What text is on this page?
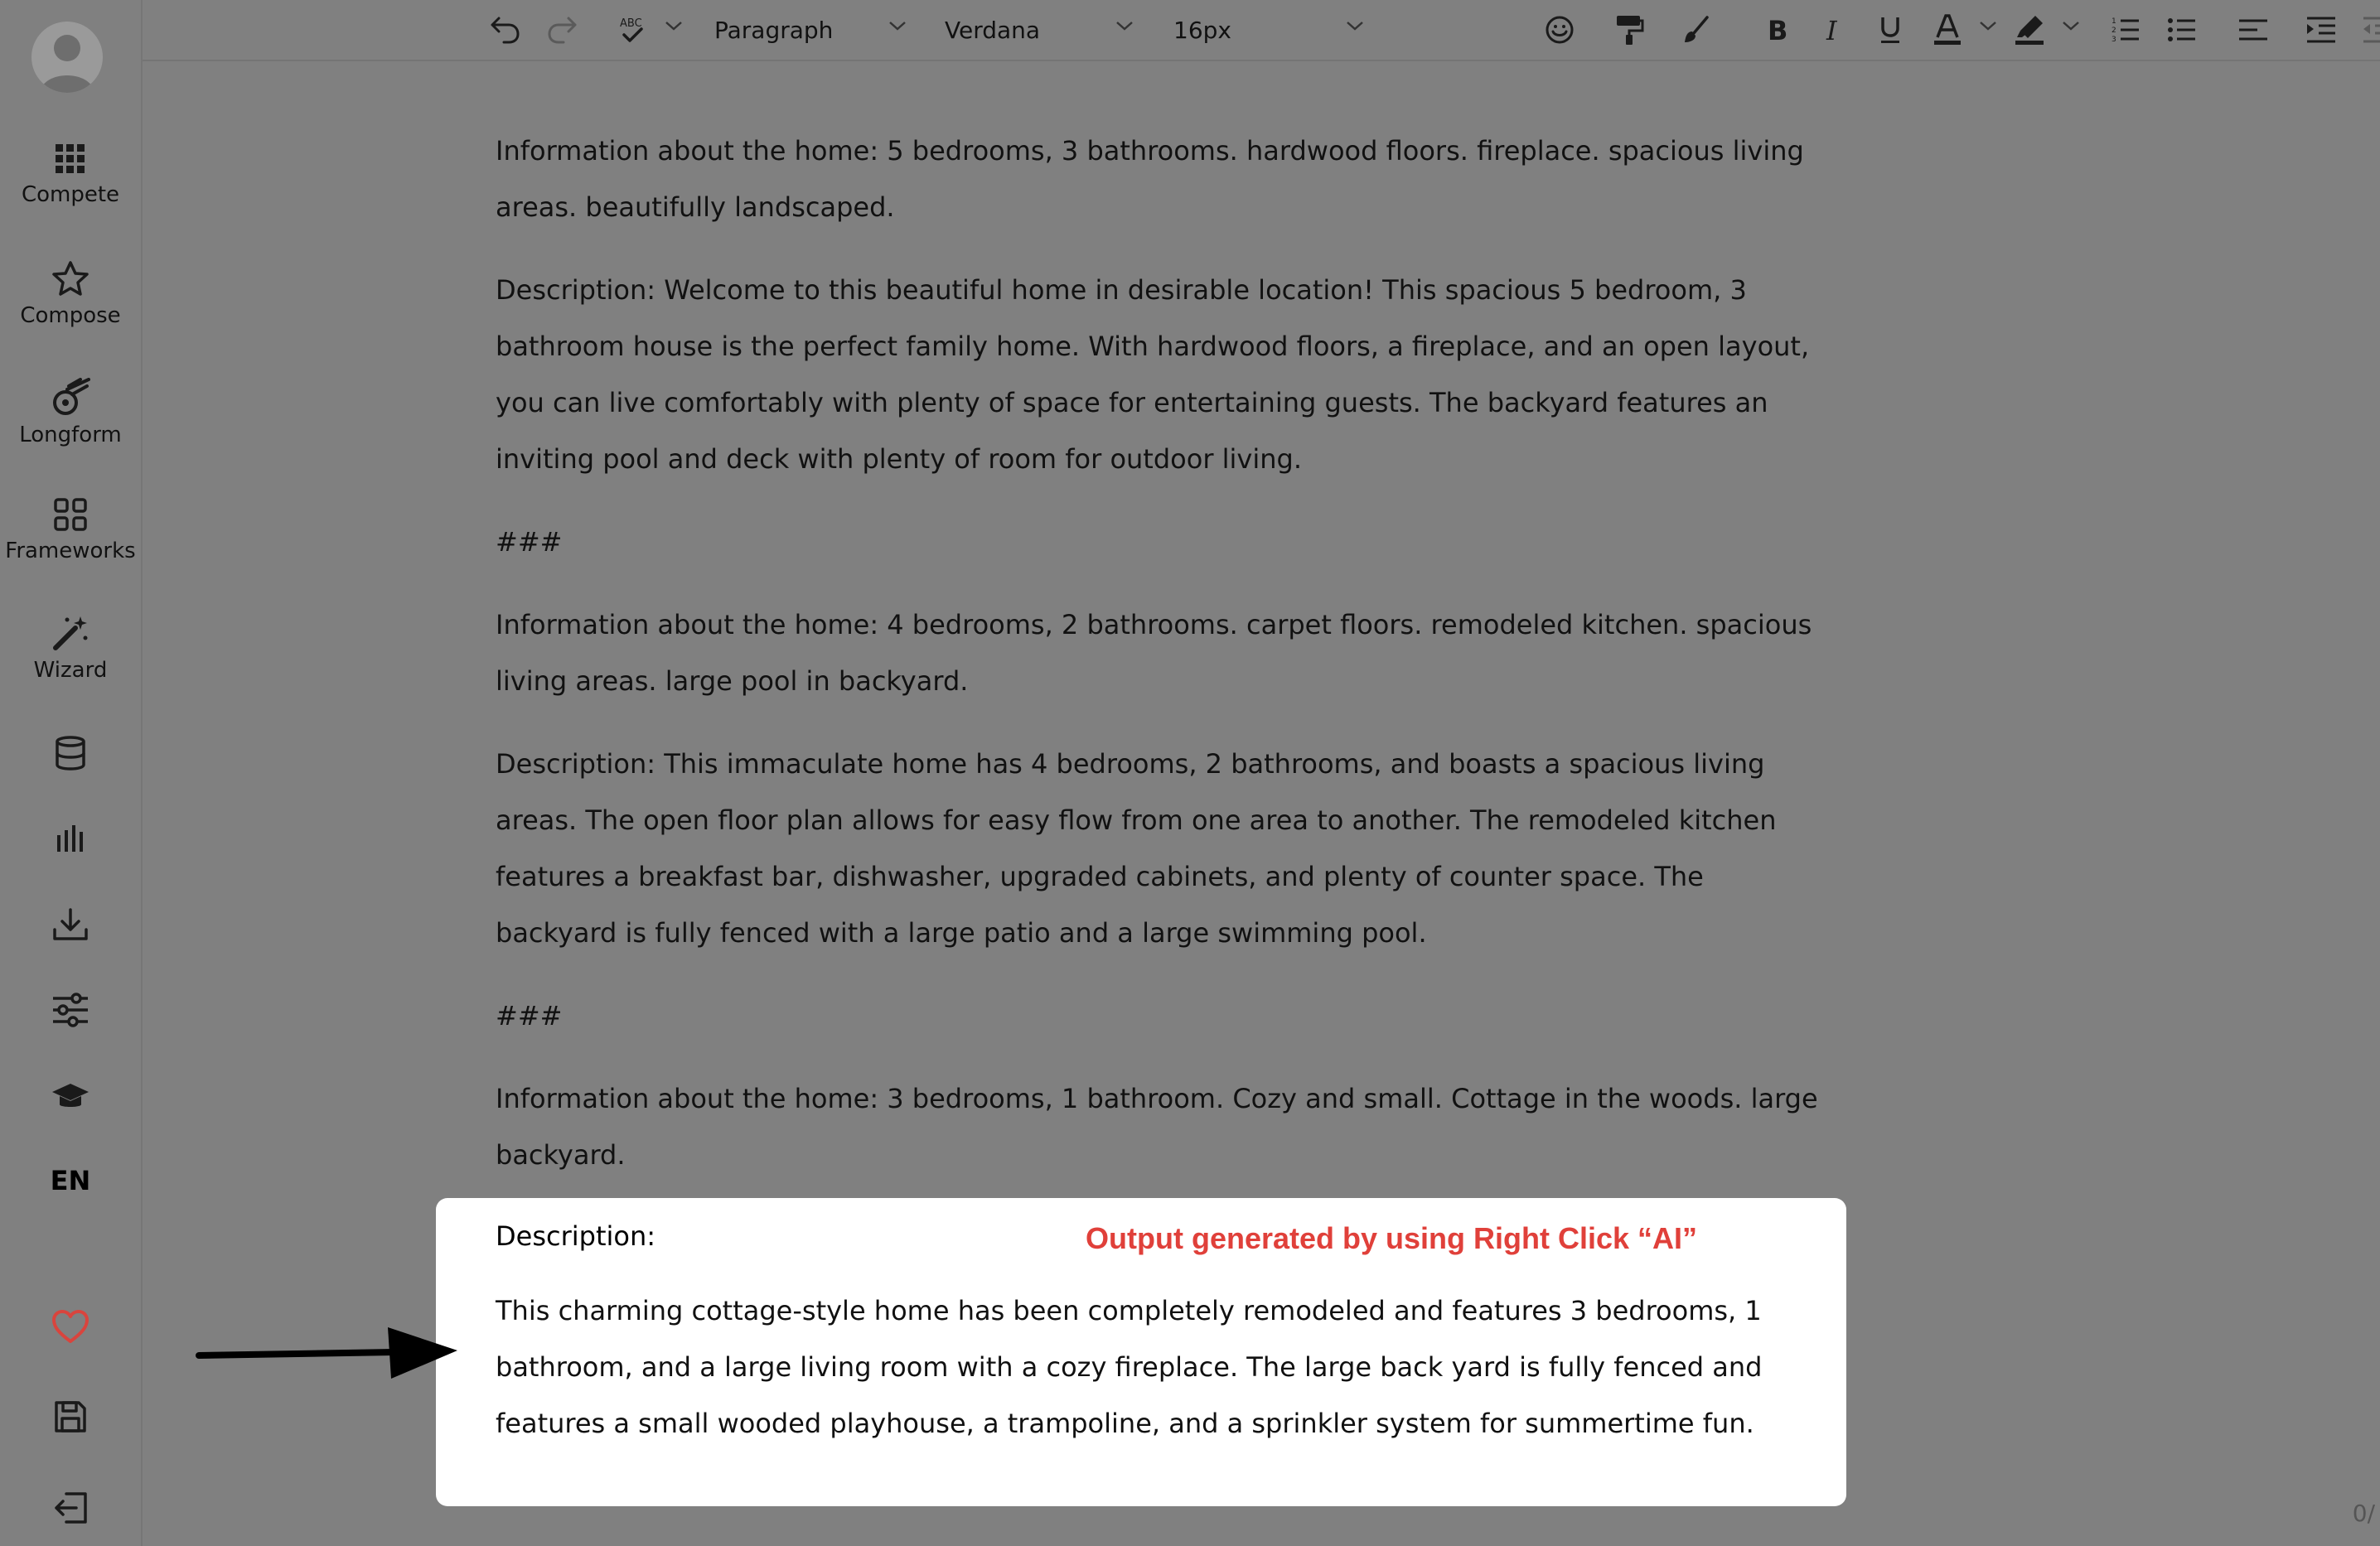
Compete
Compose
Longform
Frameworks
Wizard
EN
ABC	Paragraph	Verdana	16px	B I	1
2
3

Information about the home: 5 bedrooms, 3 bathrooms. hardwood floors. fireplace. spacious living areas. beautifully landscaped.

Description: Welcome to this beautiful home in desirable location! This spacious 5 bedroom, 3 bathroom house is the perfect family home. With hardwood floors, a fireplace, and an open layout, you can live comfortably with plenty of space for entertaining guests. The backyard features an inviting pool and deck with plenty of room for outdoor living.

###

Information about the home: 4 bedrooms, 2 bathrooms. carpet floors. remodeled kitchen. spacious living areas. large pool in backyard.

Description: This immaculate home has 4 bedrooms, 2 bathrooms, and boasts a spacious living areas. The open floor plan allows for easy flow from one area to another. The remodeled kitchen features a breakfast bar, dishwasher, upgraded cabinets, and plenty of counter space. The backyard is fully fenced with a large patio and a large swimming pool.

###

Information about the home: 3 bedrooms, 1 bathroom. Cozy and small. Cottage in the woods. large backyard.

Description:	Output generated by using Right Click “AI”
This charming cottage-style home has been completely remodeled and features 3 bedrooms, 1 bathroom, and a large living room with a cozy fireplace. The large back yard is fully fenced and features a small wooded playhouse, a trampoline, and a sprinkler system for summertime fun.
0/
